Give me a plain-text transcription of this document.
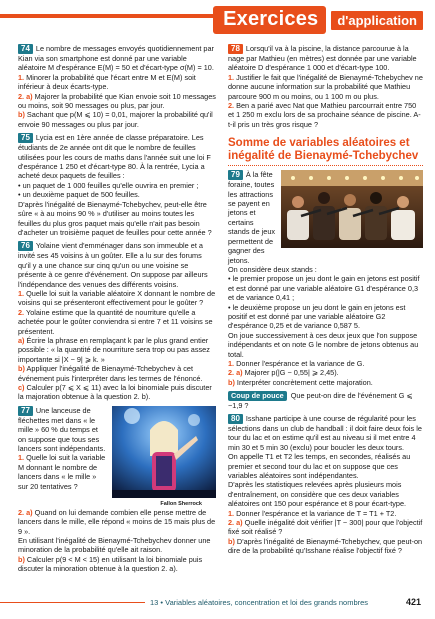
Exercices	d'application

74 Le nombre de messages envoyés quotidiennement par Kian via son smartphone est donné par une variable aléatoire M d'espérance E(M) = 50 et d'écart-type σ(M) = 10.

1. Minorer la probabilité que l'écart entre M et E(M) soit inférieur à deux écarts-type.

2. a) Majorer la probabilité que Kian envoie soit 10 messages ou moins, soit 90 messages ou plus, par jour.

b) Sachant que p(M ⩽ 10) = 0,01, majorer la probabilité qu'il envoie 90 messages ou plus par jour.

75 Lycia est en 1ère année de classe préparatoire. Les étudiants de 2e année ont dit que le nombre de feuilles utilisées pour les cours de maths dans l'année suit une loi F d'espérance 1 250 et d'écart-type 80. À la rentrée, Lycia a acheté deux paquets de feuilles :

• un paquet de 1 000 feuilles qu'elle ouvrira en premier ;

• un deuxième paquet de 500 feuilles.

D'après l'inégalité de Bienaymé-Tchebychev, peut-elle être sûre « à au moins 90 % » d'utiliser au moins toutes les feuilles du plus gros paquet mais qu'elle n'ait pas besoin d'acheter un troisième paquet de feuilles pour cette année ?

76 Yolaine vient d'emménager dans son immeuble et a invité ses 45 voisins à un goûter. Elle a lu sur des forums qu'il y a une chance sur cinq qu'un ou une voisine se présente à ce genre d'événement. On suppose par ailleurs l'indépendance des venues des différents voisins.

1. Quelle loi suit la variable aléatoire X donnant le nombre de voisins qui se présenteront effectivement pour le goûter ?

2. Yolaine estime que la quantité de nourriture qu'elle a achetée pour le goûter conviendra si entre 7 et 11 voisins se présentent.

a) Écrire la phrase en remplaçant k par le plus grand entier possible : « la quantité de nourriture sera trop ou pas assez importante si |X − 9| ⩾ k. »

b) Appliquer l'inégalité de Bienaymé-Tchebychev à cet événement puis l'interpréter dans les termes de l'énoncé.

c) Calculer p(7 ⩽ X ⩽ 11) avec la loi binomiale puis discuter la majoration obtenue à la question 2. b).

Fallon Sherrock

77 Une lanceuse de fléchettes met dans « le mille » 60 % du temps et on suppose que tous ses lancers sont indépendants.

1. Quelle loi suit la variable M donnant le nombre de lancers dans « le mille » sur 20 tentatives ?

2. a) Quand on lui demande combien elle pense mettre de lancers dans le mille, elle répond « moins de 15 mais plus de 9 ».

En utilisant l'inégalité de Bienaymé-Tchebychev donner une minoration de la probabilité qu'elle ait raison.

b) Calculer p(9 < M < 15) en utilisant la loi binomiale puis discuter la minoration obtenue à la question 2. a).

78 Lorsqu'il va à la piscine, la distance parcourue à la nage par Mathieu (en mètres) est donnée par une variable aléatoire D d'espérance 1 000 et d'écart-type 100.

1. Justifier le fait que l'inégalité de Bienaymé-Tchebychev ne donne aucune information sur la probabilité que Mathieu parcoure 900 m ou moins, ou 1 100 m ou plus.

2. Ben a parié avec Nat que Mathieu parcourrait entre 750 et 1 250 m exclu lors de sa prochaine séance de piscine. A-t-il pris un très gros risque ?

Somme de variables aléatoires et inégalité de Bienaymé-Tchebychev

79 À la fête foraine, toutes les attractions se payent en jetons et certains stands de jeux permettent de gagner des jetons.

On considère deux stands :

• le premier propose un jeu dont le gain en jetons est positif et est donné par une variable aléatoire G1 d'espérance 0,3 et de variance 0,41 ;

• le deuxième propose un jeu dont le gain en jetons est positif et est donné par une variable aléatoire G2 d'espérance 0,25 et de variance 0,587 5.

On joue successivement à ces deux jeux que l'on suppose indépendants et on note G le nombre de jetons obtenus au total.

1. Donner l'espérance et la variance de G.

2. a) Majorer p(|G − 0,55| ⩾ 2,45).

b) Interpréter concrètement cette majoration.

Coup de pouce Que peut-on dire de l'événement G ⩽ −1,9 ?

80 Isshane participe à une course de régularité pour les sélections dans un club de handball : il doit faire deux fois le tour du lac et on estime qu'il est au niveau si il met entre 4 min 30 et 5 min 30 (exclu) pour boucler les deux tours.

On appelle T1 et T2 les temps, en secondes, réalisés au premier et second tour du lac et on suppose que ces variables aléatoires sont indépendantes.

D'après les statistiques relevées après plusieurs mois d'entraînement, on considère que ces deux variables aléatoires ont 150 pour espérance et 8 pour écart-type.

1. Donner l'espérance et la variance de T = T1 + T2.

2. a) Quelle inégalité doit vérifier |T − 300| pour que l'objectif fixé soit réalisé ?

b) D'après l'inégalité de Bienaymé-Tchebychev, que peut-on dire de la probabilité qu'Isshane réalise l'objectif fixé ?

13 • Variables aléatoires, concentration et loi des grands nombres	421
